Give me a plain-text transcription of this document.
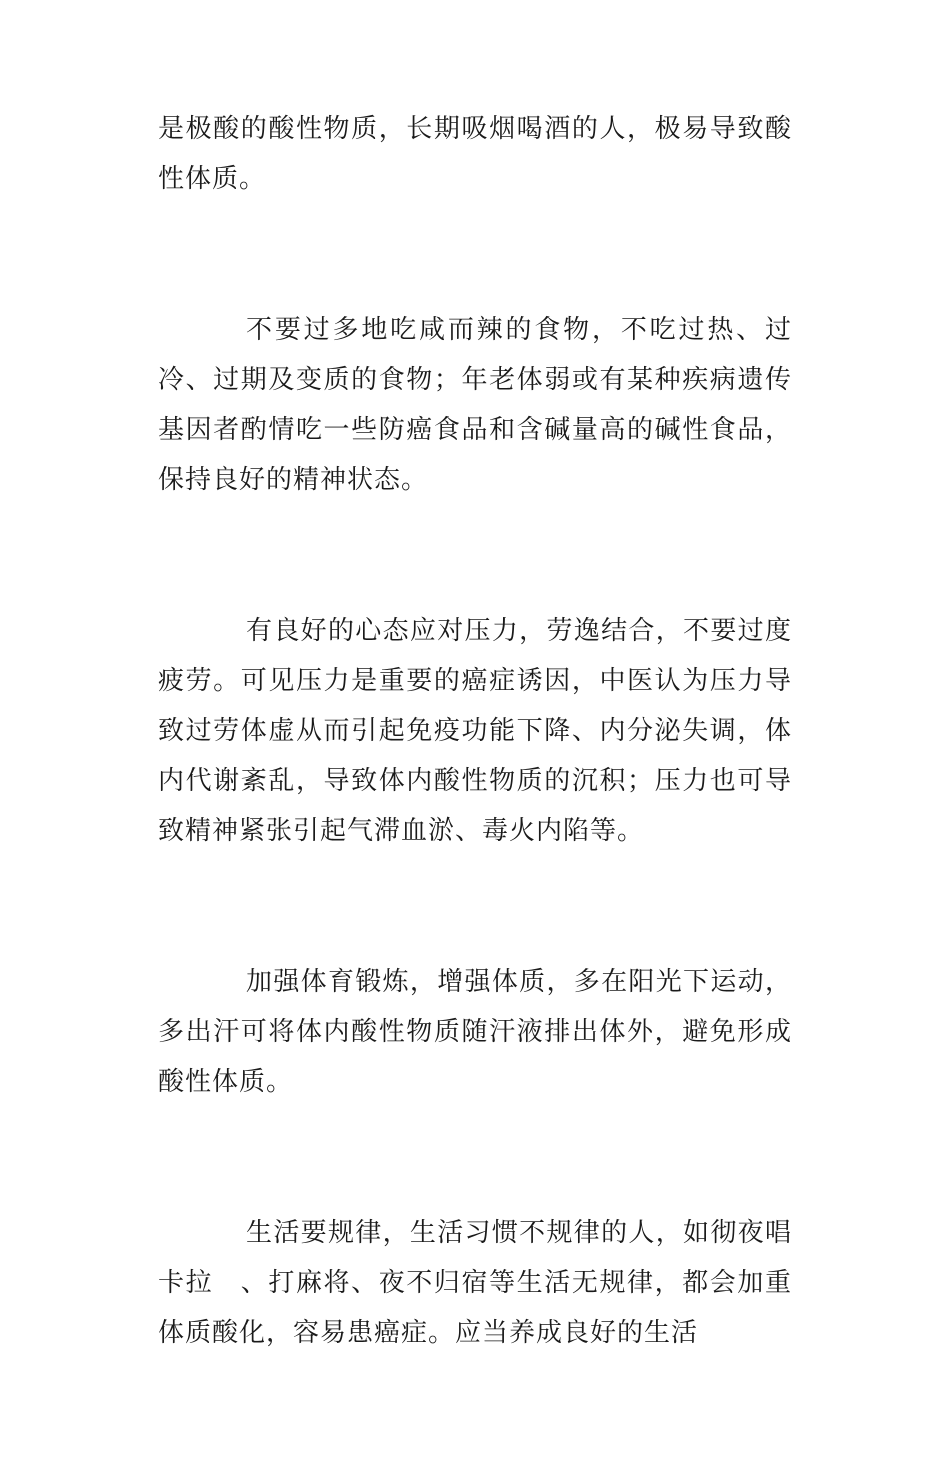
是极酸的酸性物质，长期吸烟喝酒的人，极易导致酸性体质。

不要过多地吃咸而辣的食物，不吃过热、过冷、过期及变质的食物；年老体弱或有某种疾病遗传基因者酌情吃一些防癌食品和含碱量高的碱性食品，保持良好的精神状态。

有良好的心态应对压力，劳逸结合，不要过度疲劳。可见压力是重要的癌症诱因，中医认为压力导致过劳体虚从而引起免疫功能下降、内分泌失调，体内代谢紊乱，导致体内酸性物质的沉积；压力也可导致精神紧张引起气滞血淤、毒火内陷等。

加强体育锻炼，增强体质，多在阳光下运动，多出汗可将体内酸性物质随汗液排出体外，避免形成酸性体质。

生活要规律，生活习惯不规律的人，如彻夜唱卡拉　、打麻将、夜不归宿等生活无规律，都会加重体质酸化，容易患癌症。应当养成良好的生活
